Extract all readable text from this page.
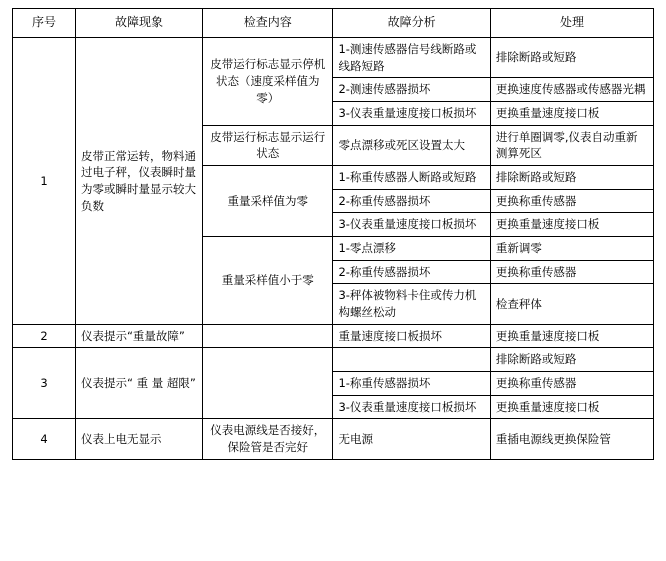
序号	故障现象	检查内容	故障分析	处理
1	皮带正常运转，物料通过电子秤，仪表瞬时量为零或瞬时量显示较大负数	皮带运行标志显示停机状态（速度采样值为零）	1-测速传感器信号线断路或线路短路	排除断路或短路
			2-测速传感器损坏	更换速度传感器或传感器光耦
			3-仪表重量速度接口板损坏	更换重量速度接口板
		皮带运行标志显示运行状态	零点漂移或死区设置太大	进行单圈调零,仪表自动重新测算死区
		重量采样值为零	1-称重传感器人断路或短路	排除断路或短路
			2-称重传感器损坏	更换称重传感器
			3-仪表重量速度接口板损坏	更换重量速度接口板
		重量采样值小于零	1-零点漂移	重新调零
			2-称重传感器损坏	更换称重传感器
			3-秤体被物料卡住或传力机构螺丝松动	检查秤体
2	仪表提示“重量故障”		重量速度接口板损坏	更换重量速度接口板
3	仪表提示“ 重 量 超限”			排除断路或短路
			1-称重传感器损坏	更换称重传感器
			3-仪表重量速度接口板损坏	更换重量速度接口板
4	仪表上电无显示	仪表电源线是否接好，保险管是否完好	无电源	重插电源线更换保险管
